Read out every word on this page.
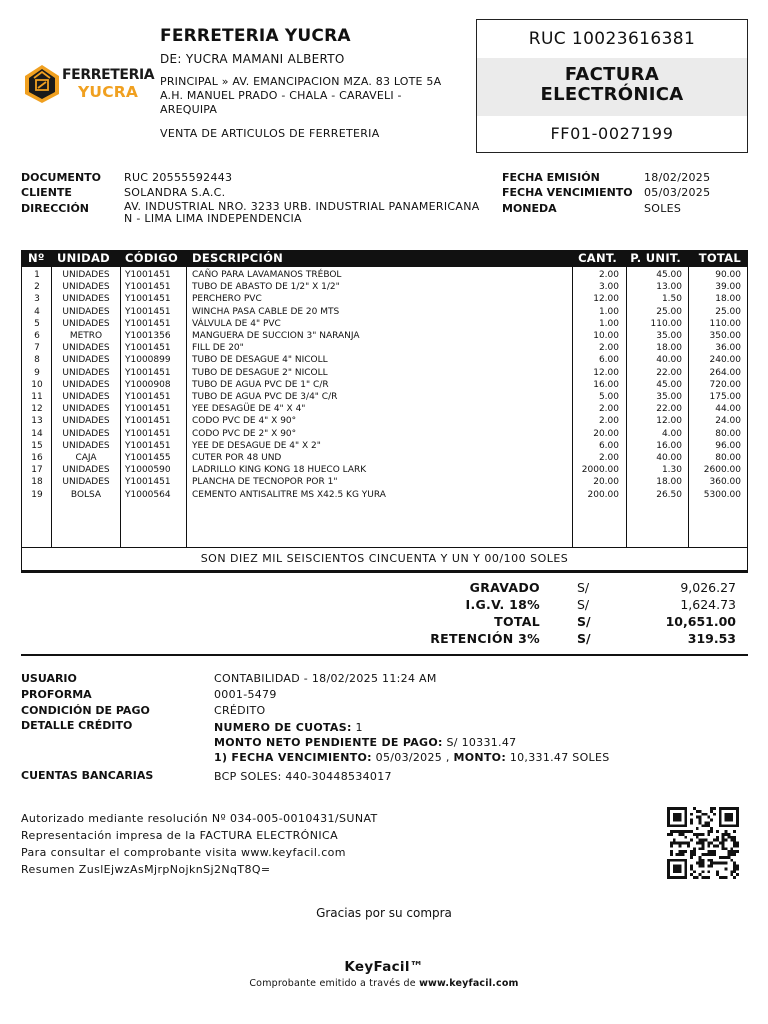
FERRETERIA
YUCRA
FERRETERIA YUCRA
DE: YUCRA MAMANI ALBERTO
PRINCIPAL » AV. EMANCIPACION MZA. 83 LOTE 5A
A.H. MANUEL PRADO - CHALA - CARAVELI -
AREQUIPA
VENTA DE ARTICULOS DE FERRETERIA
RUC 10023616381
FACTURA
ELECTRÓNICA
FF01-0027199
DOCUMENTO RUC 20555592443
CLIENTE	SOLANDRA S.A.C.
DIRECCIÓN	AV. INDUSTRIAL NRO. 3233 URB. INDUSTRIAL PANAMERICANA
N - LIMA LIMA INDEPENDENCIA
FECHA EMISIÓN	18/02/2025
FECHA VENCIMIENTO 05/03/2025
MONEDA	SOLES
Nº UNIDAD CÓDIGO DESCRIPCIÓN	CANT. P. UNIT. TOTAL
1	UNIDADES	Y1001451 CAÑO PARA LAVAMANOS TRÉBOL	2.00	45.00	90.00
2	UNIDADES	Y1001451 TUBO DE ABASTO DE 1/2" X 1/2"	3.00	13.00	39.00
3	UNIDADES	Y1001451 PERCHERO PVC	12.00	1.50	18.00
4	UNIDADES	Y1001451 WINCHA PASA CABLE DE 20 MTS	1.00	25.00	25.00
5	UNIDADES	Y1001451 VÁLVULA DE 4" PVC	1.00	110.00	110.00
6	METRO	Y1001356 MANGUERA DE SUCCION 3" NARANJA	10.00	35.00	350.00
7	UNIDADES	Y1001451 FILL DE 20"	2.00	18.00	36.00
8	UNIDADES	Y1000899 TUBO DE DESAGUE 4" NICOLL	6.00	40.00	240.00
9	UNIDADES	Y1001451 TUBO DE DESAGUE 2" NICOLL	12.00	22.00	264.00
10	UNIDADES	Y1000908 TUBO DE AGUA PVC DE 1" C/R	16.00	45.00	720.00
11	UNIDADES	Y1001451 TUBO DE AGUA PVC DE 3/4" C/R	5.00	35.00	175.00
12	UNIDADES	Y1001451 YEE DESAGÜE DE 4" X 4"	2.00	22.00	44.00
13	UNIDADES	Y1001451 CODO PVC DE 4" X 90°	2.00	12.00	24.00
14	UNIDADES	Y1001451 CODO PVC DE 2" X 90°	20.00	4.00	80.00
15	UNIDADES	Y1001451 YEE DE DESAGUE DE 4" X 2"	6.00	16.00	96.00
16	CAJA	Y1001455 CUTER POR 48 UND	2.00	40.00	80.00
17	UNIDADES	Y1000590 LADRILLO KING KONG 18 HUECO LARK	2000.00	1.30 2600.00
18	UNIDADES	Y1001451 PLANCHA DE TECNOPOR POR 1"	20.00	18.00	360.00
19	BOLSA	Y1000564 CEMENTO ANTISALITRE MS X42.5 KG YURA	200.00	26.50 5300.00
SON DIEZ MIL SEISCIENTOS CINCUENTA Y UN Y 00/100 SOLES
GRAVADO	S/	9,026.27
I.G.V. 18%	S/	1,624.73
TOTAL	S/	10,651.00
RETENCIÓN 3%	S/	319.53
USUARIO	CONTABILIDAD - 18/02/2025 11:24 AM
PROFORMA	0001-5479
CONDICIÓN DE PAGO	CRÉDITO
DETALLE CRÉDITO	NUMERO DE CUOTAS: 1
MONTO NETO PENDIENTE DE PAGO: S/ 10331.47
1) FECHA VENCIMIENTO: 05/03/2025 , MONTO: 10,331.47 SOLES
CUENTAS BANCARIAS	BCP SOLES: 440-30448534017
Autorizado mediante resolución Nº 034-005-0010431/SUNAT
Representación impresa de la FACTURA ELECTRÓNICA
Para consultar el comprobante visita www.keyfacil.com
Resumen ZuslEjwzAsMjrpNojknSj2NqT8Q=
Gracias por su compra
KeyFacil™
Comprobante emitido a través de www.keyfacil.com
